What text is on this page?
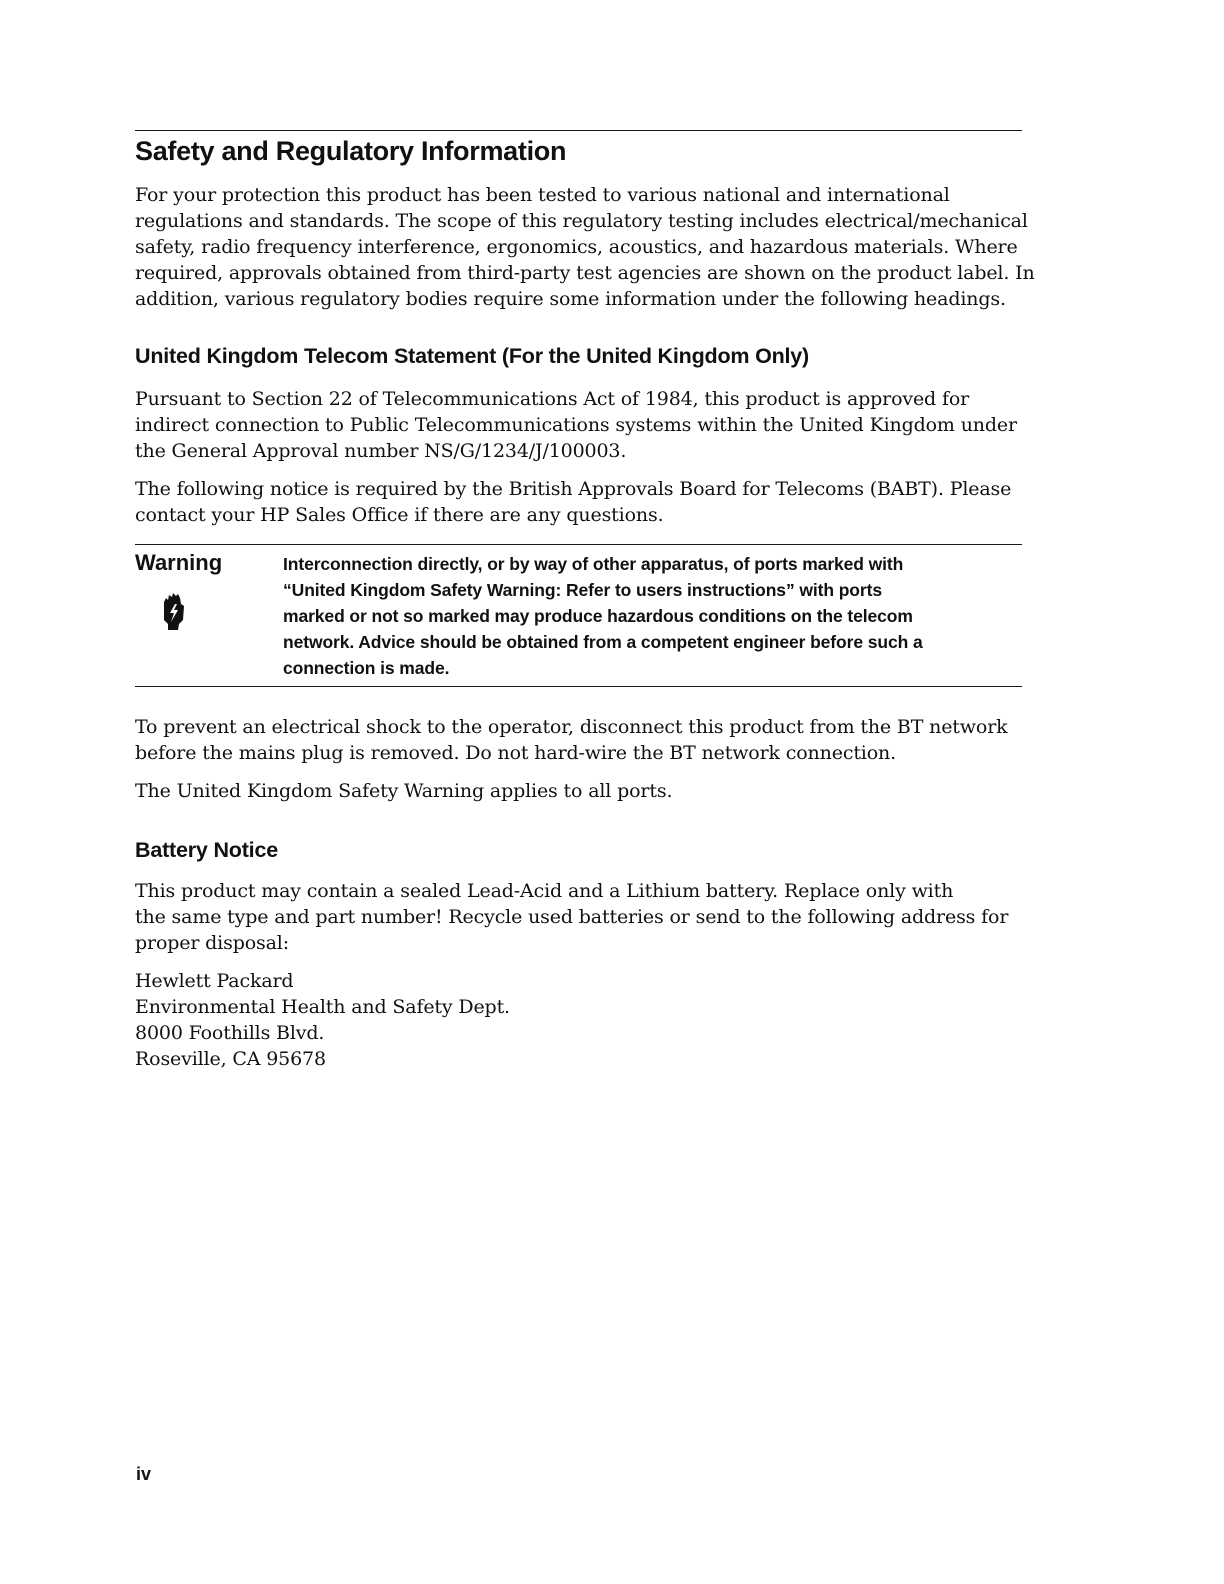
Safety and Regulatory Information

For your protection this product has been tested to various national and international
regulations and standards. The scope of this regulatory testing includes electrical/mechanical
safety, radio frequency interference, ergonomics, acoustics, and hazardous materials. Where
required, approvals obtained from third-party test agencies are shown on the product label. In
addition, various regulatory bodies require some information under the following headings.

United Kingdom Telecom Statement (For the United Kingdom Only)

Pursuant to Section 22 of Telecommunications Act of 1984, this product is approved for
indirect connection to Public Telecommunications systems within the United Kingdom under
the General Approval number NS/G/1234/J/100003.

The following notice is required by the British Approvals Board for Telecoms (BABT). Please
contact your HP Sales Office if there are any questions.

Warning	Interconnection directly, or by way of other apparatus, of ports marked with
“United Kingdom Safety Warning: Refer to users instructions” with ports
marked or not so marked may produce hazardous conditions on the telecom
network. Advice should be obtained from a competent engineer before such a
connection is made.

To prevent an electrical shock to the operator, disconnect this product from the BT network
before the mains plug is removed. Do not hard-wire the BT network connection.

The United Kingdom Safety Warning applies to all ports.

Battery Notice

This product may contain a sealed Lead-Acid and a Lithium battery. Replace only with
the same type and part number! Recycle used batteries or send to the following address for
proper disposal:

Hewlett Packard
Environmental Health and Safety Dept.
8000 Foothills Blvd.
Roseville, CA 95678

iv
